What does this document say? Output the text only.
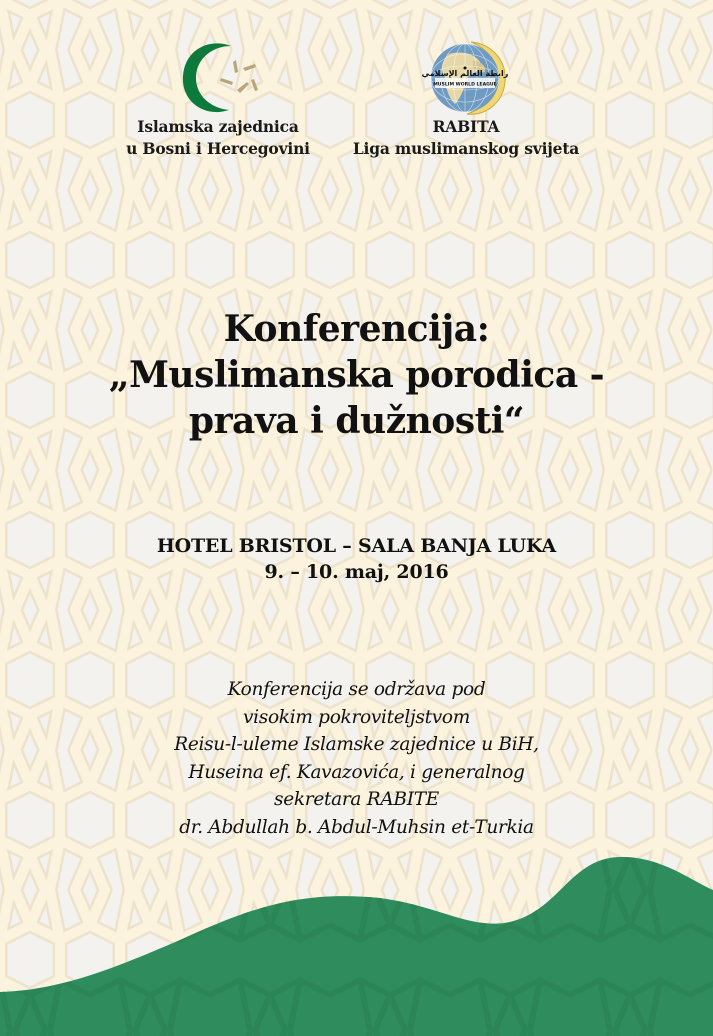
Islamska zajednica
u Bosni i Hercegovini
رابطة العالم الإسلامي
MUSLIM WORLD LEAGUE
RABITA
Liga muslimanskog svijeta
Konferencija:
„Muslimanska porodica -
prava i dužnosti“
HOTEL BRISTOL – SALA BANJA LUKA
9. – 10. maj, 2016
Konferencija se održava pod
visokim pokroviteljstvom
Reisu-l-uleme Islamske zajednice u BiH,
Huseina ef. Kavazovića, i generalnog
sekretara RABITE
dr. Abdullah b. Abdul-Muhsin et-Turkia
